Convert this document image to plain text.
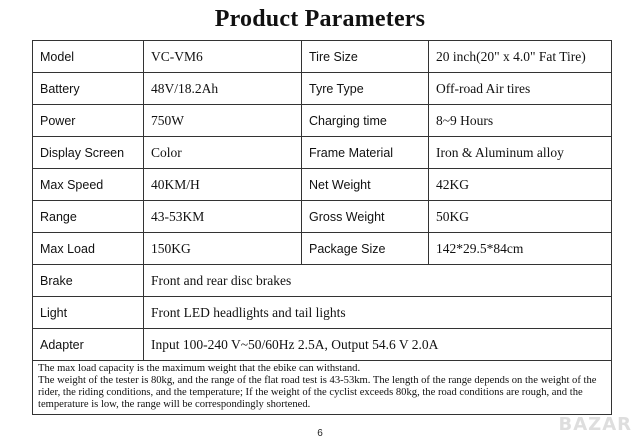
Product Parameters
Model	VC-VM6	Tire Size	20 inch(20" x 4.0" Fat Tire)
Battery	48V/18.2Ah	Tyre Type	Off-road Air tires
Power	750W	Charging time	8~9 Hours
Display Screen	Color	Frame Material	Iron & Aluminum alloy
Max Speed	40KM/H	Net Weight	42KG
Range	43-53KM	Gross Weight	50KG
Max Load	150KG	Package Size	142*29.5*84cm
Brake	Front and rear disc brakes		
Light	Front LED headlights and tail lights		
Adapter	Input 100-240 V~50/60Hz 2.5A, Output 54.6 V 2.0A		

The max load capacity is the maximum weight that the ebike can withstand.
The weight of the tester is 80kg, and the range of the flat road test is 43-53km. The length of the range depends on the weight of the rider, the riding conditions, and the temperature; If the weight of the cyclist exceeds 80kg, the road conditions are rough, and the temperature is low, the range will be correspondingly shortened.			
6	BAZAR
